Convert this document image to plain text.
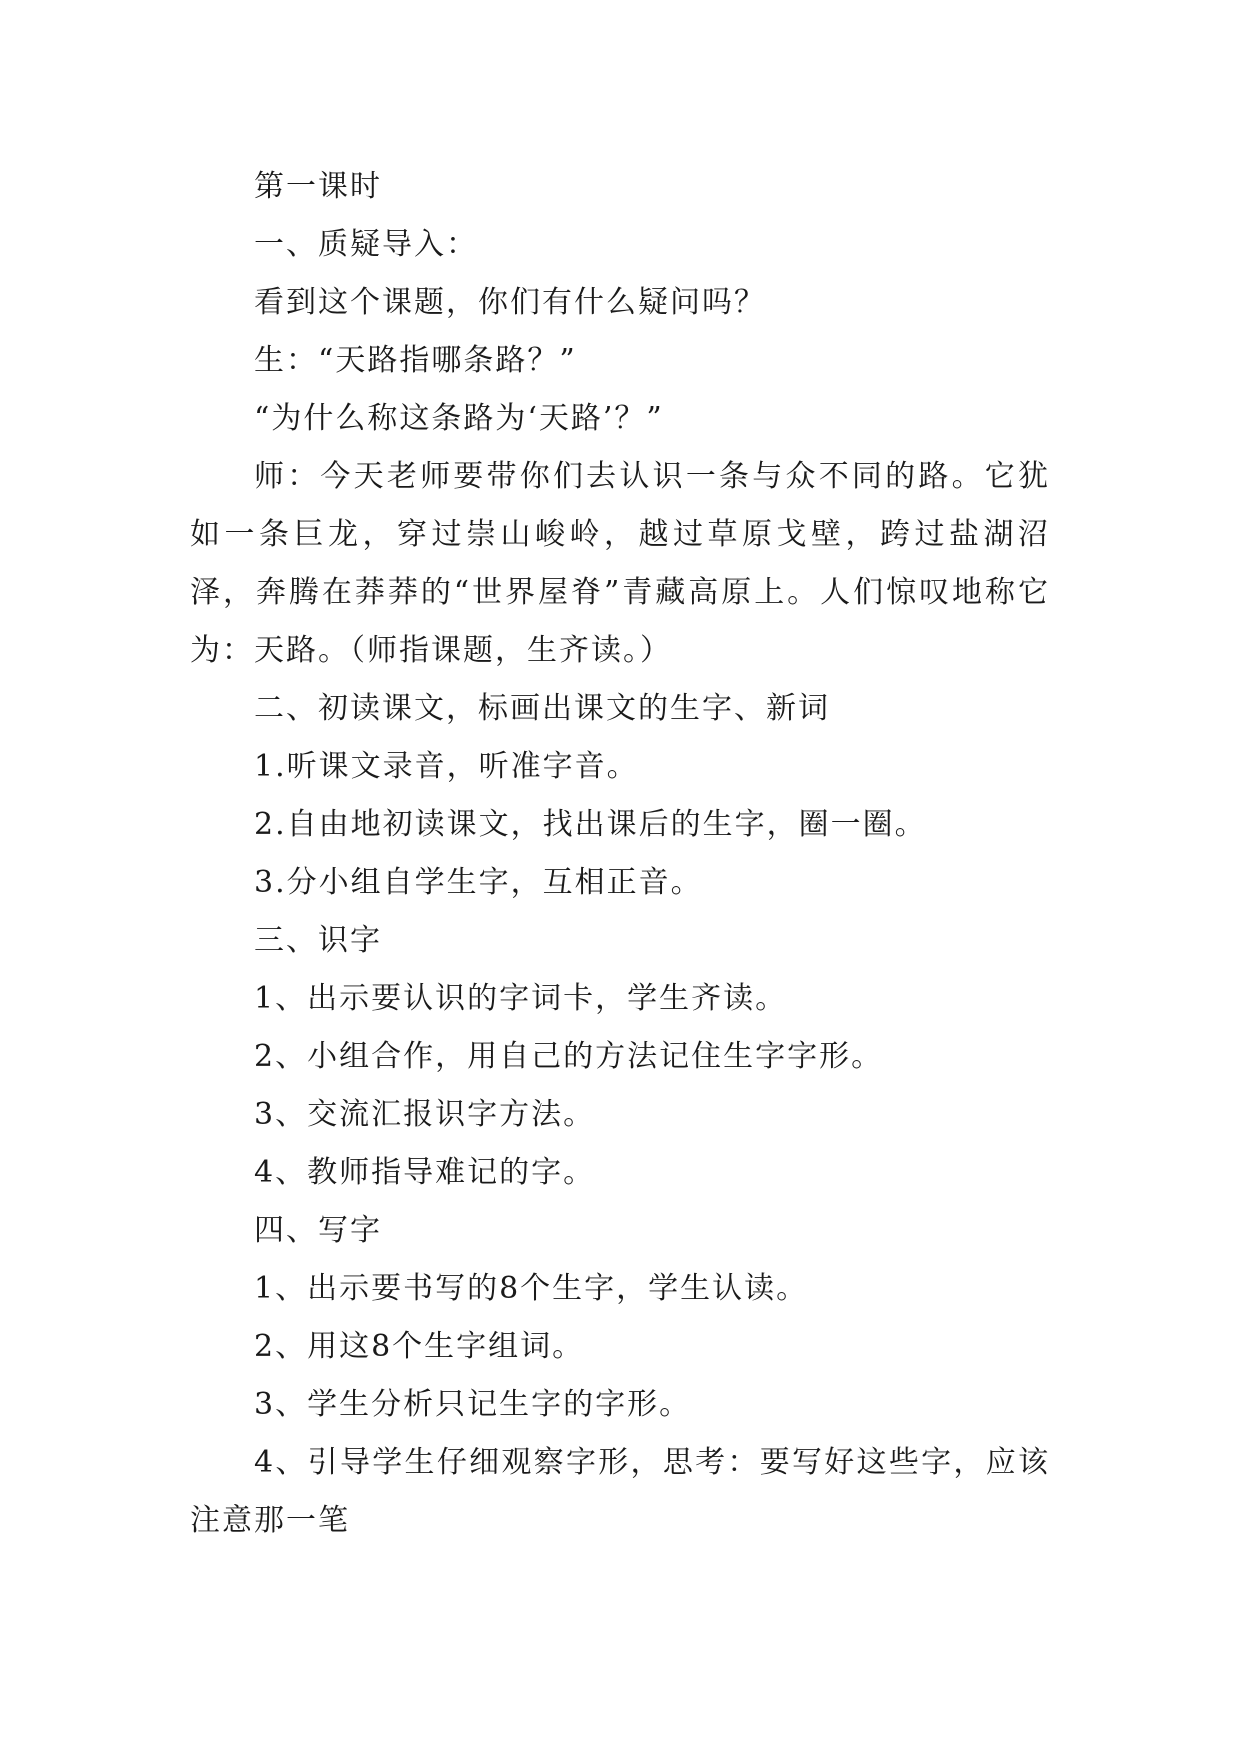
第一课时

一、质疑导入：

看到这个课题，你们有什么疑问吗？

生：“天路指哪条路？”

“为什么称这条路为‘天路’？”

师：今天老师要带你们去认识一条与众不同的路。它犹如一条巨龙，穿过崇山峻岭，越过草原戈壁，跨过盐湖沼泽，奔腾在莽莽的“世界屋脊”青藏高原上。人们惊叹地称它为：天路。（师指课题，生齐读。）

二、初读课文，标画出课文的生字、新词

1.听课文录音，听准字音。

2.自由地初读课文，找出课后的生字，圈一圈。

3.分小组自学生字，互相正音。

三、识字

1、出示要认识的字词卡，学生齐读。

2、小组合作，用自己的方法记住生字字形。

3、交流汇报识字方法。

4、教师指导难记的字。

四、写字

1、出示要书写的8个生字，学生认读。

2、用这8个生字组词。

3、学生分析只记生字的字形。

4、引导学生仔细观察字形，思考：要写好这些字，应该注意那一笔
